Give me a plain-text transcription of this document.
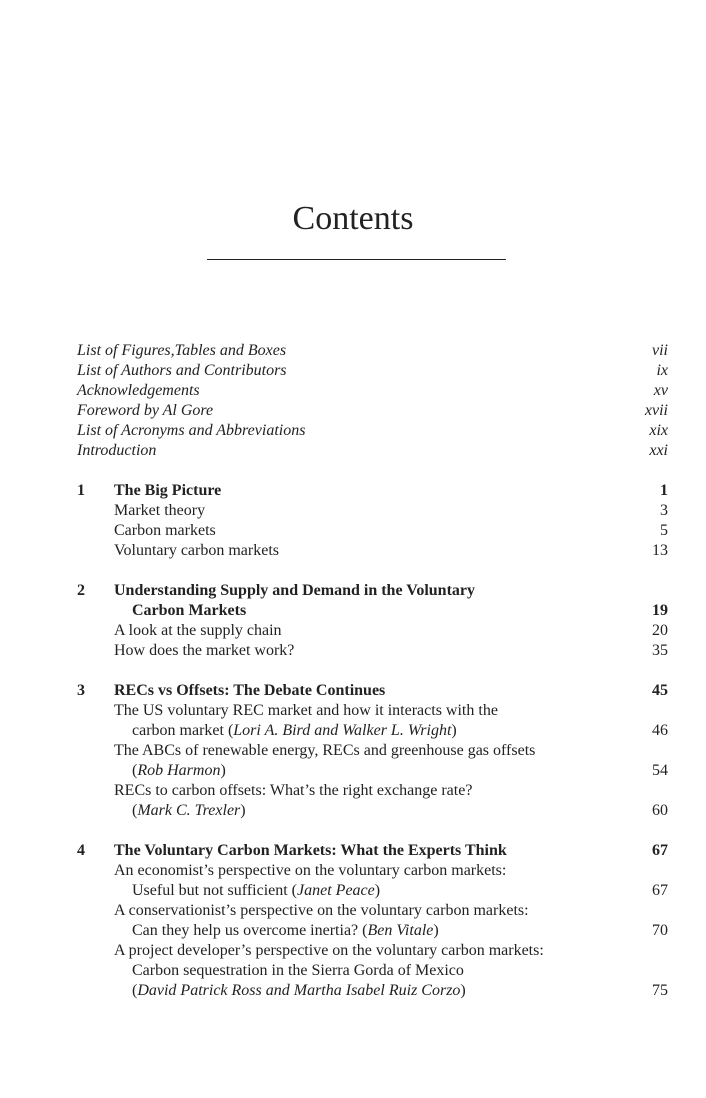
Contents
List of Figures,Tables and Boxes	vii
List of Authors and Contributors	ix
Acknowledgements	xv
Foreword by Al Gore	xvii
List of Acronyms and Abbreviations	xix
Introduction	xxi
1 The Big Picture	1
Market theory	3
Carbon markets	5
Voluntary carbon markets	13
2 Understanding Supply and Demand in the Voluntary
Carbon Markets	19
A look at the supply chain	20
How does the market work?	35
3 RECs vs Offsets: The Debate Continues	45
The US voluntary REC market and how it interacts with the
carbon market (Lori A. Bird and Walker L. Wright)	46
The ABCs of renewable energy, RECs and greenhouse gas offsets
(Rob Harmon)	54
RECs to carbon offsets: What’s the right exchange rate?
(Mark C. Trexler)	60
4 The Voluntary Carbon Markets: What the Experts Think	67
An economist’s perspective on the voluntary carbon markets:
Useful but not sufficient (Janet Peace)	67
A conservationist’s perspective on the voluntary carbon markets:
Can they help us overcome inertia? (Ben Vitale)	70
A project developer’s perspective on the voluntary carbon markets:
Carbon sequestration in the Sierra Gorda of Mexico
(David Patrick Ross and Martha Isabel Ruiz Corzo)	75
